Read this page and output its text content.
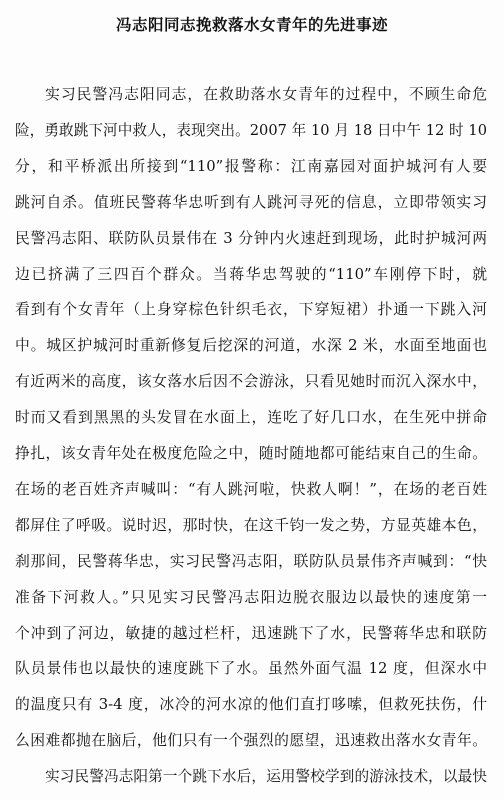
冯志阳同志挽救落水女青年的先进事迹
实习民警冯志阳同志，在救助落水女青年的过程中，不顾生命危
险，勇敢跳下河中救人，表现突出。2007 年 10 月 18 日中午 12 时 10
分，和平桥派出所接到“110”报警称：江南嘉园对面护城河有人要
跳河自杀。值班民警蒋华忠听到有人跳河寻死的信息，立即带领实习
民警冯志阳、联防队员景伟在 3 分钟内火速赶到现场，此时护城河两
边已挤满了三四百个群众。当蒋华忠驾驶的“110”车刚停下时，就
看到有个女青年（上身穿棕色针织毛衣，下穿短裙）扑通一下跳入河
中。城区护城河时重新修复后挖深的河道，水深 2 米，水面至地面也
有近两米的高度，该女落水后因不会游泳，只看见她时而沉入深水中，
时而又看到黑黑的头发冒在水面上，连吃了好几口水，在生死中拼命
挣扎，该女青年处在极度危险之中，随时随地都可能结束自己的生命。
在场的老百姓齐声喊叫：“有人跳河啦，快救人啊！”，在场的老百姓
都屏住了呼吸。说时迟，那时快，在这千钧一发之势，方显英雄本色，
刹那间，民警蒋华忠，实习民警冯志阳，联防队员景伟齐声喊到：“快
准备下河救人。”只见实习民警冯志阳边脱衣服边以最快的速度第一
个冲到了河边，敏捷的越过栏杆，迅速跳下了水，民警蒋华忠和联防
队员景伟也以最快的速度跳下了水。虽然外面气温 12 度，但深水中
的温度只有 3-4 度，冰冷的河水凉的他们直打哆嗦，但救死扶伤，什
么困难都抛在脑后，他们只有一个强烈的愿望，迅速救出落水女青年。
实习民警冯志阳第一个跳下水后，运用警校学到的游泳技术，以最快
